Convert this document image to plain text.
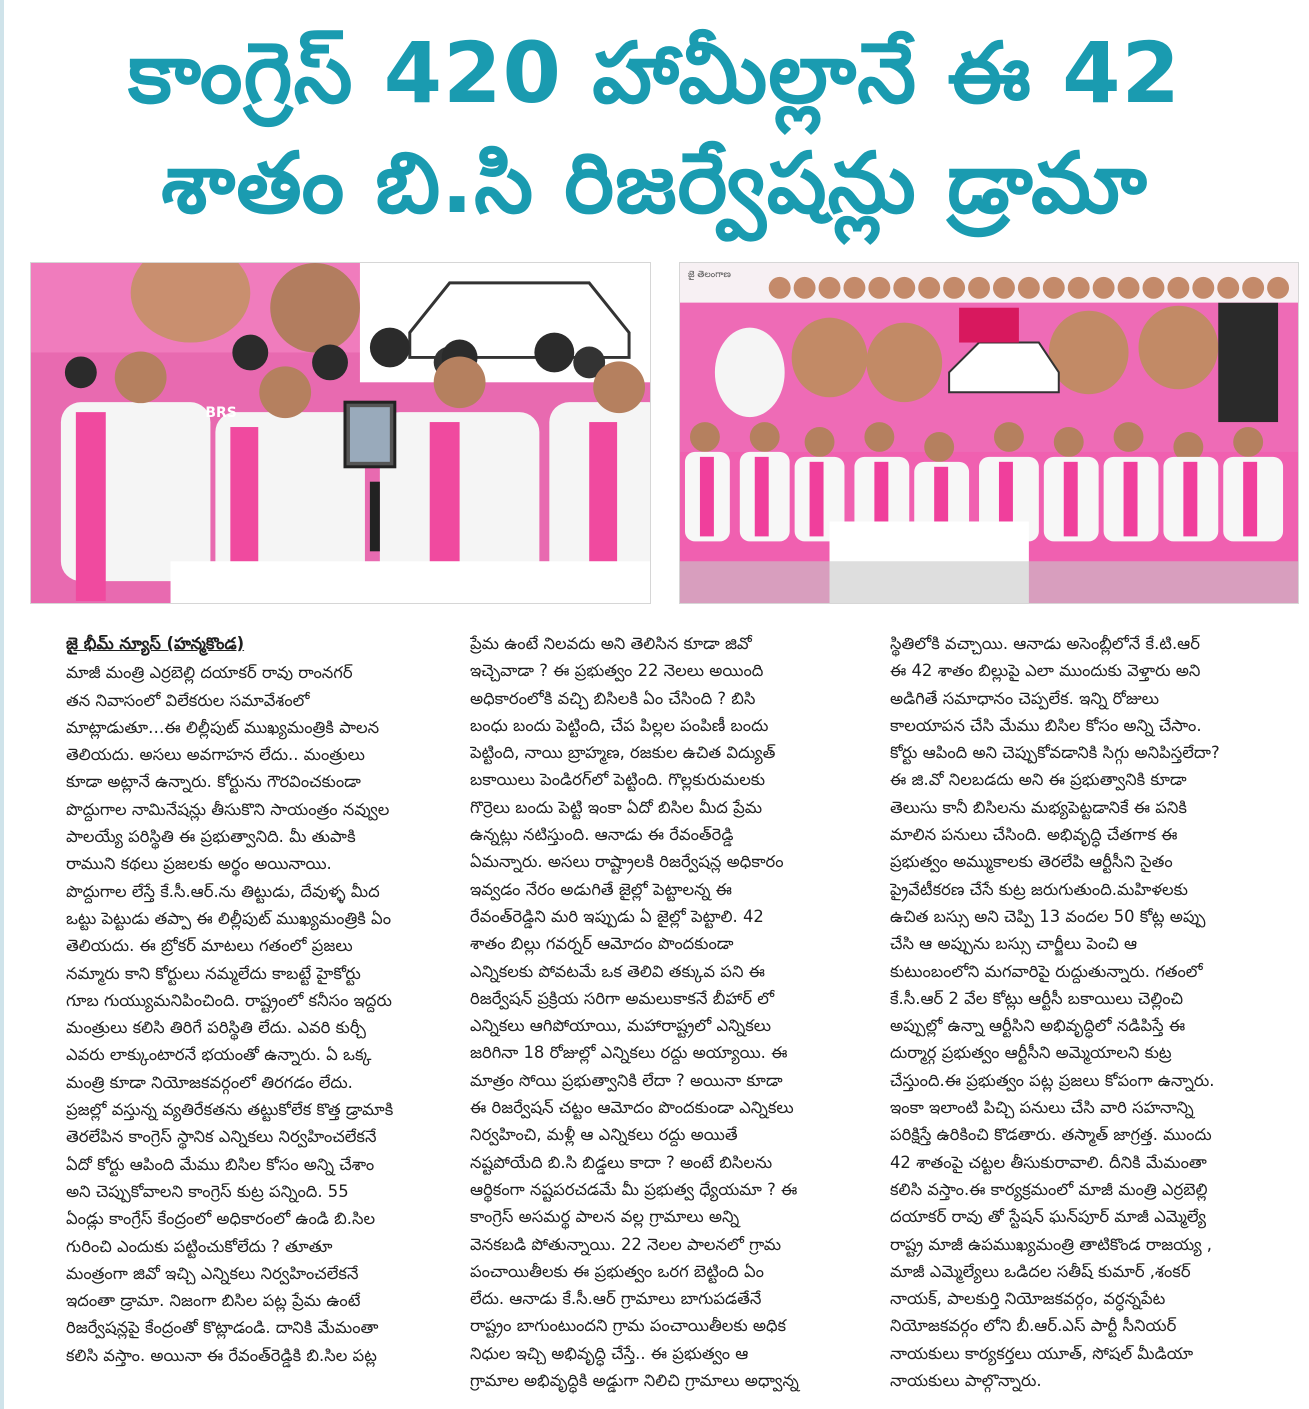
కాంగ్రెస్ 420 హామీల్లానే ఈ 42
శాతం బి.సి రిజర్వేషన్లు డ్రామా
BRS
జై తెలంగాణ

జై భీమ్ న్యూస్ (హన్మకొండ)

మాజీ మంత్రి ఎర్రబెల్లి దయాకర్ రావు రాంనగర్

తన నివాసంలో విలేకరుల సమావేశంలో

మాట్లాడుతూ…ఈ లిల్లీపుట్ ముఖ్యమంత్రికి పాలన

తెలియదు. అసలు అవగాహన లేదు.. మంత్రులు

కూడా అట్లానే ఉన్నారు. కోర్టును గౌరవించకుండా

పొద్దుగాల నామినేషన్లు తీసుకొని సాయంత్రం నవ్వుల

పాలయ్యే పరిస్థితి ఈ ప్రభుత్వానిది. మీ తుపాకి

రాముని కథలు ప్రజలకు అర్థం అయినాయి.

పొద్దుగాల లేస్తే కే.సీ.ఆర్.ను తిట్టుడు, దేవుళ్ళ మీద

ఒట్టు పెట్టుడు తప్పా ఈ లిల్లీపుట్ ముఖ్యమంత్రికి ఏం

తెలియదు. ఈ బ్రోకర్ మాటలు గతంలో ప్రజలు

నమ్మారు కాని కోర్టులు నమ్మలేదు కాబట్టే హైకోర్టు

గూబ గుయ్యుమనిపించింది. రాష్ట్రంలో కనీసం ఇద్దరు

మంత్రులు కలిసి తిరిగే పరిస్థితి లేదు. ఎవరి కుర్చీ

ఎవరు లాక్కుంటారనే భయంతో ఉన్నారు. ఏ ఒక్క

మంత్రి కూడా నియోజకవర్గంలో తిరగడం లేదు.

ప్రజల్లో వస్తున్న వ్యతిరేకతను తట్టుకోలేక కొత్త డ్రామాకి

తెరలేపిన కాంగ్రెస్ స్థానిక ఎన్నికలు నిర్వహించలేకనే

ఏదో కోర్టు ఆపింది మేము బిసిల కోసం అన్ని చేశాం

అని చెప్పుకోవాలని కాంగ్రెస్ కుట్ర పన్నింది. 55

ఏండ్లు కాంగ్రేస్ కేంద్రంలో అధికారంలో ఉండి బి.సిల

గురించి ఎందుకు పట్టించుకోలేదు ? తూతూ

మంత్రంగా జివో ఇచ్చి ఎన్నికలు నిర్వహించలేకనే

ఇదంతా డ్రామా. నిజంగా బిసిల పట్ల ప్రేమ ఉంటే

రిజర్వేషన్లపై కేంద్రంతో కొట్లాడండి. దానికి మేమంతా

కలిసి వస్తాం. అయినా ఈ రేవంత్‌రెడ్డికి బి.సిల పట్ల

ప్రేమ ఉంటే నిలవదు అని తెలిసిన కూడా జివో

ఇచ్చెవాడా ? ఈ ప్రభుత్వం 22 నెలలు అయింది

అధికారంలోకి వచ్చి బిసిలకి ఏం చేసింది ? బిసి

బంధు బందు పెట్టింది, చేప పిల్లల పంపిణీ బందు

పెట్టింది, నాయి బ్రాహ్మణ, రజకుల ఉచిత విద్యుత్

బకాయిలు పెండిరగ్‌లో పెట్టింది. గొల్లకురుమలకు

గొర్రెలు బందు పెట్టి ఇంకా ఏదో బిసిల మీద ప్రేమ

ఉన్నట్లు నటిస్తుంది. ఆనాడు ఈ రేవంత్‌రెడ్డి

ఏమన్నారు. అసలు రాష్ట్రాలకి రిజర్వేషన్ల అధికారం

ఇవ్వడం నేరం అడుగితే జైల్లో పెట్టాలన్న ఈ

రేవంత్‌రెడ్డిని మరి ఇప్పుడు ఏ జైల్లో పెట్టాలి. 42

శాతం బిల్లు గవర్నర్ ఆమోదం పొందకుండా

ఎన్నికలకు పోవటమే ఒక తెలివి తక్కువ పని ఈ

రిజర్వేషన్ ప్రక్రియ సరిగా అమలుకాకనే బీహార్ లో

ఎన్నికలు ఆగిపోయాయి, మహారాష్ట్రలో ఎన్నికలు

జరిగినా 18 రోజుల్లో ఎన్నికలు రద్దు అయ్యాయి. ఈ

మాత్రం సోయి ప్రభుత్వానికి లేదా ? అయినా కూడా

ఈ రిజర్వేషన్ చట్టం ఆమోదం పొందకుండా ఎన్నికలు

నిర్వహించి, మళ్లీ ఆ ఎన్నికలు రద్దు అయితే

నష్టపోయేది బి.సి బిడ్డలు కాదా ? అంటే బిసిలను

ఆర్థికంగా నష్టపరచడమే మీ ప్రభుత్వ ధ్యేయమా ? ఈ

కాంగ్రెస్ అసమర్థ పాలన వల్ల గ్రామాలు అన్ని

వెనకబడి పోతున్నాయి. 22 నెలల పాలనలో గ్రామ

పంచాయితీలకు ఈ ప్రభుత్వం ఒరగ బెట్టింది ఏం

లేదు. ఆనాడు కే.సీ.ఆర్ గ్రామాలు బాగుపడతేనే

రాష్ట్రం బాగుంటుందని గ్రామ పంచాయితీలకు అధిక

నిధుల ఇచ్చి అభివృద్ధి చేస్తే.. ఈ ప్రభుత్వం ఆ

గ్రామాల అభివృద్ధికి అడ్డుగా నిలిచి గ్రామాలు అధ్వాన్న

స్థితిలోకి వచ్చాయి. ఆనాడు అసెంబ్లీలోనే కే.టి.ఆర్

ఈ 42 శాతం బిల్లుపై ఎలా ముందుకు వెళ్తారు అని

అడిగితే సమాధానం చెప్పలేక. ఇన్ని రోజులు

కాలయాపన చేసి మేము బిసిల కోసం అన్ని చేసాం.

కోర్టు ఆపింది అని చెప్పుకోవడానికి సిగ్గు అనిపిస్తలేదా?

ఈ జి.వో నిలబడదు అని ఈ ప్రభుత్వానికి కూడా

తెలుసు కానీ బిసిలను మభ్యపెట్టడానికే ఈ పనికి

మాలిన పనులు చేసింది. అభివృద్ధి చేతగాక ఈ

ప్రభుత్వం అమ్ముకాలకు తెరలేపి ఆర్టీసీని సైతం

ప్రైవేటీకరణ చేసే కుట్ర జరుగుతుంది.మహిళలకు

ఉచిత బస్సు అని చెప్పి 13 వందల 50 కోట్ల అప్పు

చేసి ఆ అప్పును బస్సు చార్జీలు పెంచి ఆ

కుటుంబంలోని మగవారిపై రుద్దుతున్నారు. గతంలో

కే.సీ.ఆర్ 2 వేల కోట్లు ఆర్టీసీ బకాయిలు చెల్లించి

అప్పుల్లో ఉన్నా ఆర్టీసిని అభివృద్ధిలో నడిపిస్తే ఈ

దుర్మార్గ ప్రభుత్వం ఆర్టీసీని అమ్మెయాలని కుట్ర

చేస్తుంది.ఈ ప్రభుత్వం పట్ల ప్రజలు కోపంగా ఉన్నారు.

ఇంకా ఇలాంటి పిచ్చి పనులు చేసి వారి సహనాన్ని

పరిక్షిస్తే ఉరికించి కొడతారు. తస్మాత్ జాగ్రత్త. ముందు

42 శాతంపై చట్టల తీసుకురావాలి. దీనికి మేమంతా

కలిసి వస్తాం.ఈ కార్యక్రమంలో మాజీ మంత్రి ఎర్రబెల్లి

దయాకర్ రావు తో స్టేషన్ ఘన్‌పూర్ మాజీ ఎమ్మెల్యే

రాష్ట్ర మాజీ ఉపముఖ్యమంత్రి తాటికొండ రాజయ్య ,

మాజీ ఎమ్మెల్యేలు ఒడిదల సతీష్ కుమార్ ,శంకర్

నాయక్, పాలకుర్తి నియోజకవర్గం, వర్ధన్నపేట

నియోజకవర్గం లోని బీ.ఆర్.ఎస్ పార్టీ సీనియర్

నాయకులు కార్యకర్తలు యూత్, సోషల్ మీడియా

నాయకులు పాల్గొన్నారు.
